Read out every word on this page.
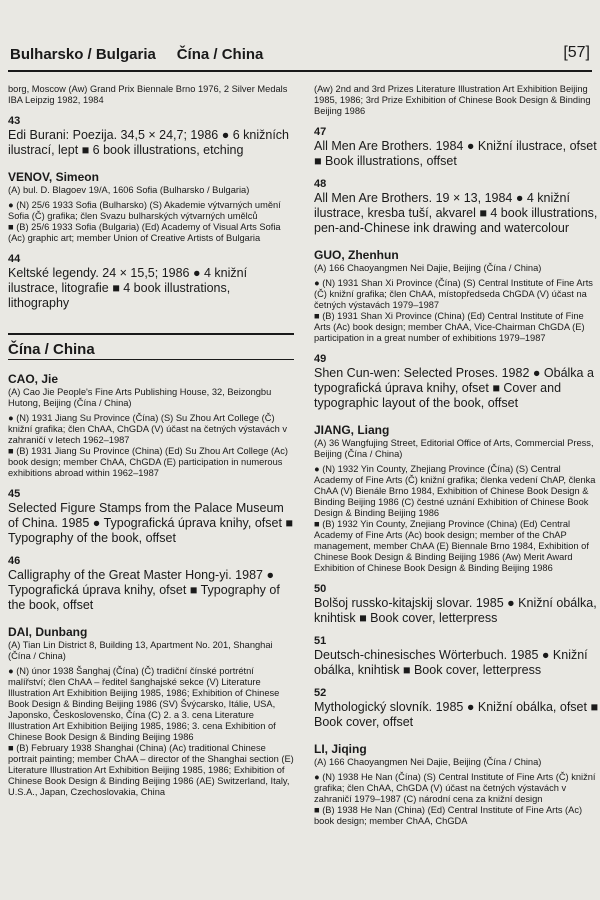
Bulharsko / Bulgaria     Čína / China	[57]

borg, Moscow (Aw) Grand Prix Biennale Brno 1976, 2 Silver Medals IBA Leipzig 1982, 1984

43

Edi Burani: Poezija. 34,5 × 24,7; 1986 ● 6 knižních ilustrací, lept ■ 6 book illustrations, etching

VENOV, Simeon

(A) bul. D. Blagoev 19/A, 1606 Sofia (Bulharsko / Bulgaria)

● (N) 25/6 1933 Sofia (Bulharsko) (S) Akademie výtvarných umění Sofia (Č) grafika; člen Svazu bulharských výtvarných umělců

■ (B) 25/6 1933 Sofia (Bulgaria) (Ed) Academy of Visual Arts Sofia (Ac) graphic art; member Union of Creative Artists of Bulgaria

44

Keltské legendy. 24 × 15,5; 1986 ● 4 knižní ilustrace, litografie ■ 4 book illustrations, lithography

Čína / China
CAO, Jie

(A) Cao Jie People's Fine Arts Publishing House, 32, Beizongbu Hutong, Beijing (Čína / China)

● (N) 1931 Jiang Su Province (Čína) (S) Su Zhou Art College (Č) knižní grafika; člen ChAA, ChGDA (V) účast na četných výstavách v zahraničí v letech 1962–1987

■ (B) 1931 Jiang Su Province (China) (Ed) Su Zhou Art College (Ac) book design; member ChAA, ChGDA (E) participation in numerous exhibitions abroad within 1962–1987

45

Selected Figure Stamps from the Palace Museum of China. 1985 ● Typografická úprava knihy, ofset ■ Typography of the book, offset

46

Calligraphy of the Great Master Hong-yi. 1987 ● Typografická úprava knihy, ofset ■ Typography of the book, offset

DAI, Dunbang

(A) Tian Lin District 8, Building 13, Apartment No. 201, Shanghai (Čína / China)

● (N) únor 1938 Šanghaj (Čína) (Č) tradiční čínské portrétní malířství; člen ChAA – ředitel šanghajské sekce (V) Literature Illustration Art Exhibition Beijing 1985, 1986; Exhibition of Chinese Book Design & Binding Beijing 1986 (SV) Švýcarsko, Itálie, USA, Japonsko, Československo, Čína (C) 2. a 3. cena Literature Illustration Art Exhibition Beijing 1985, 1986; 3. cena Exhibition of Chinese Book Design & Binding Beijing 1986

■ (B) February 1938 Shanghai (China) (Ac) traditional Chinese portrait painting; member ChAA – director of the Shanghai section (E) Literature Illustration Art Exhibition Beijing 1985, 1986; Exhibition of Chinese Book Design & Binding Beijing 1986 (AE) Switzerland, Italy, U.S.A., Japan, Czechoslovakia, China

(Aw) 2nd and 3rd Prizes Literature Illustration Art Exhibition Beijing 1985, 1986; 3rd Prize Exhibition of Chinese Book Design & Binding Beijing 1986

47

All Men Are Brothers. 1984 ● Knižní ilustrace, ofset ■ Book illustrations, offset

48

All Men Are Brothers. 19 × 13, 1984 ● 4 knižní ilustrace, kresba tuší, akvarel ■ 4 book illustrations, pen-and-Chinese ink drawing and watercolour

GUO, Zhenhun

(A) 166 Chaoyangmen Nei Dajie, Beijing (Čína / China)

● (N) 1931 Shan Xi Province (Čína) (S) Central Institute of Fine Arts (Č) knižní grafika; člen ChAA, místopředseda ChGDA (V) účast na četných výstavách 1979–1987

■ (B) 1931 Shan Xi Province (China) (Ed) Central Institute of Fine Arts (Ac) book design; member ChAA, Vice-Chairman ChGDA (E) participation in a great number of exhibitions 1979–1987

49

Shen Cun-wen: Selected Proses. 1982 ● Obálka a typografická úprava knihy, ofset ■ Cover and typographic layout of the book, offset

JIANG, Liang

(A) 36 Wangfujing Street, Editorial Office of Arts, Commercial Press, Beijing (Čína / China)

● (N) 1932 Yin County, Zhejiang Province (Čína) (S) Central Academy of Fine Arts (Č) knižní grafika; členka vedení ChAP, členka ChAA (V) Bienále Brno 1984, Exhibition of Chinese Book Design & Binding Beijing 1986 (C) čestné uznání Exhibition of Chinese Book Design & Binding Beijing 1986

■ (B) 1932 Yin County, Znejiang Province (China) (Ed) Central Academy of Fine Arts (Ac) book design; member of the ChAP management, member ChAA (E) Biennale Brno 1984, Exhibition of Chinese Book Design & Binding Beijing 1986 (Aw) Merit Award Exhibition of Chinese Book Design & Binding Beijing 1986

50

Bolšoj russko-kitajskij slovar. 1985 ● Knižní obálka, knihtisk ■ Book cover, letterpress

51

Deutsch-chinesisches Wörterbuch. 1985 ● Knižní obálka, knihtisk ■ Book cover, letterpress

52

Mythologický slovník. 1985 ● Knižní obálka, ofset ■ Book cover, offset

LI, Jiqing

(A) 166 Chaoyangmen Nei Dajie, Beijing (Čína / China)

● (N) 1938 He Nan (Čína) (S) Central Institute of Fine Arts (Č) knižní grafika; člen ChAA, ChGDA (V) účast na četných výstavách v zahraničí 1979–1987 (C) národní cena za knižní design

■ (B) 1938 He Nan (China) (Ed) Central Institute of Fine Arts (Ac) book design; member ChAA, ChGDA
